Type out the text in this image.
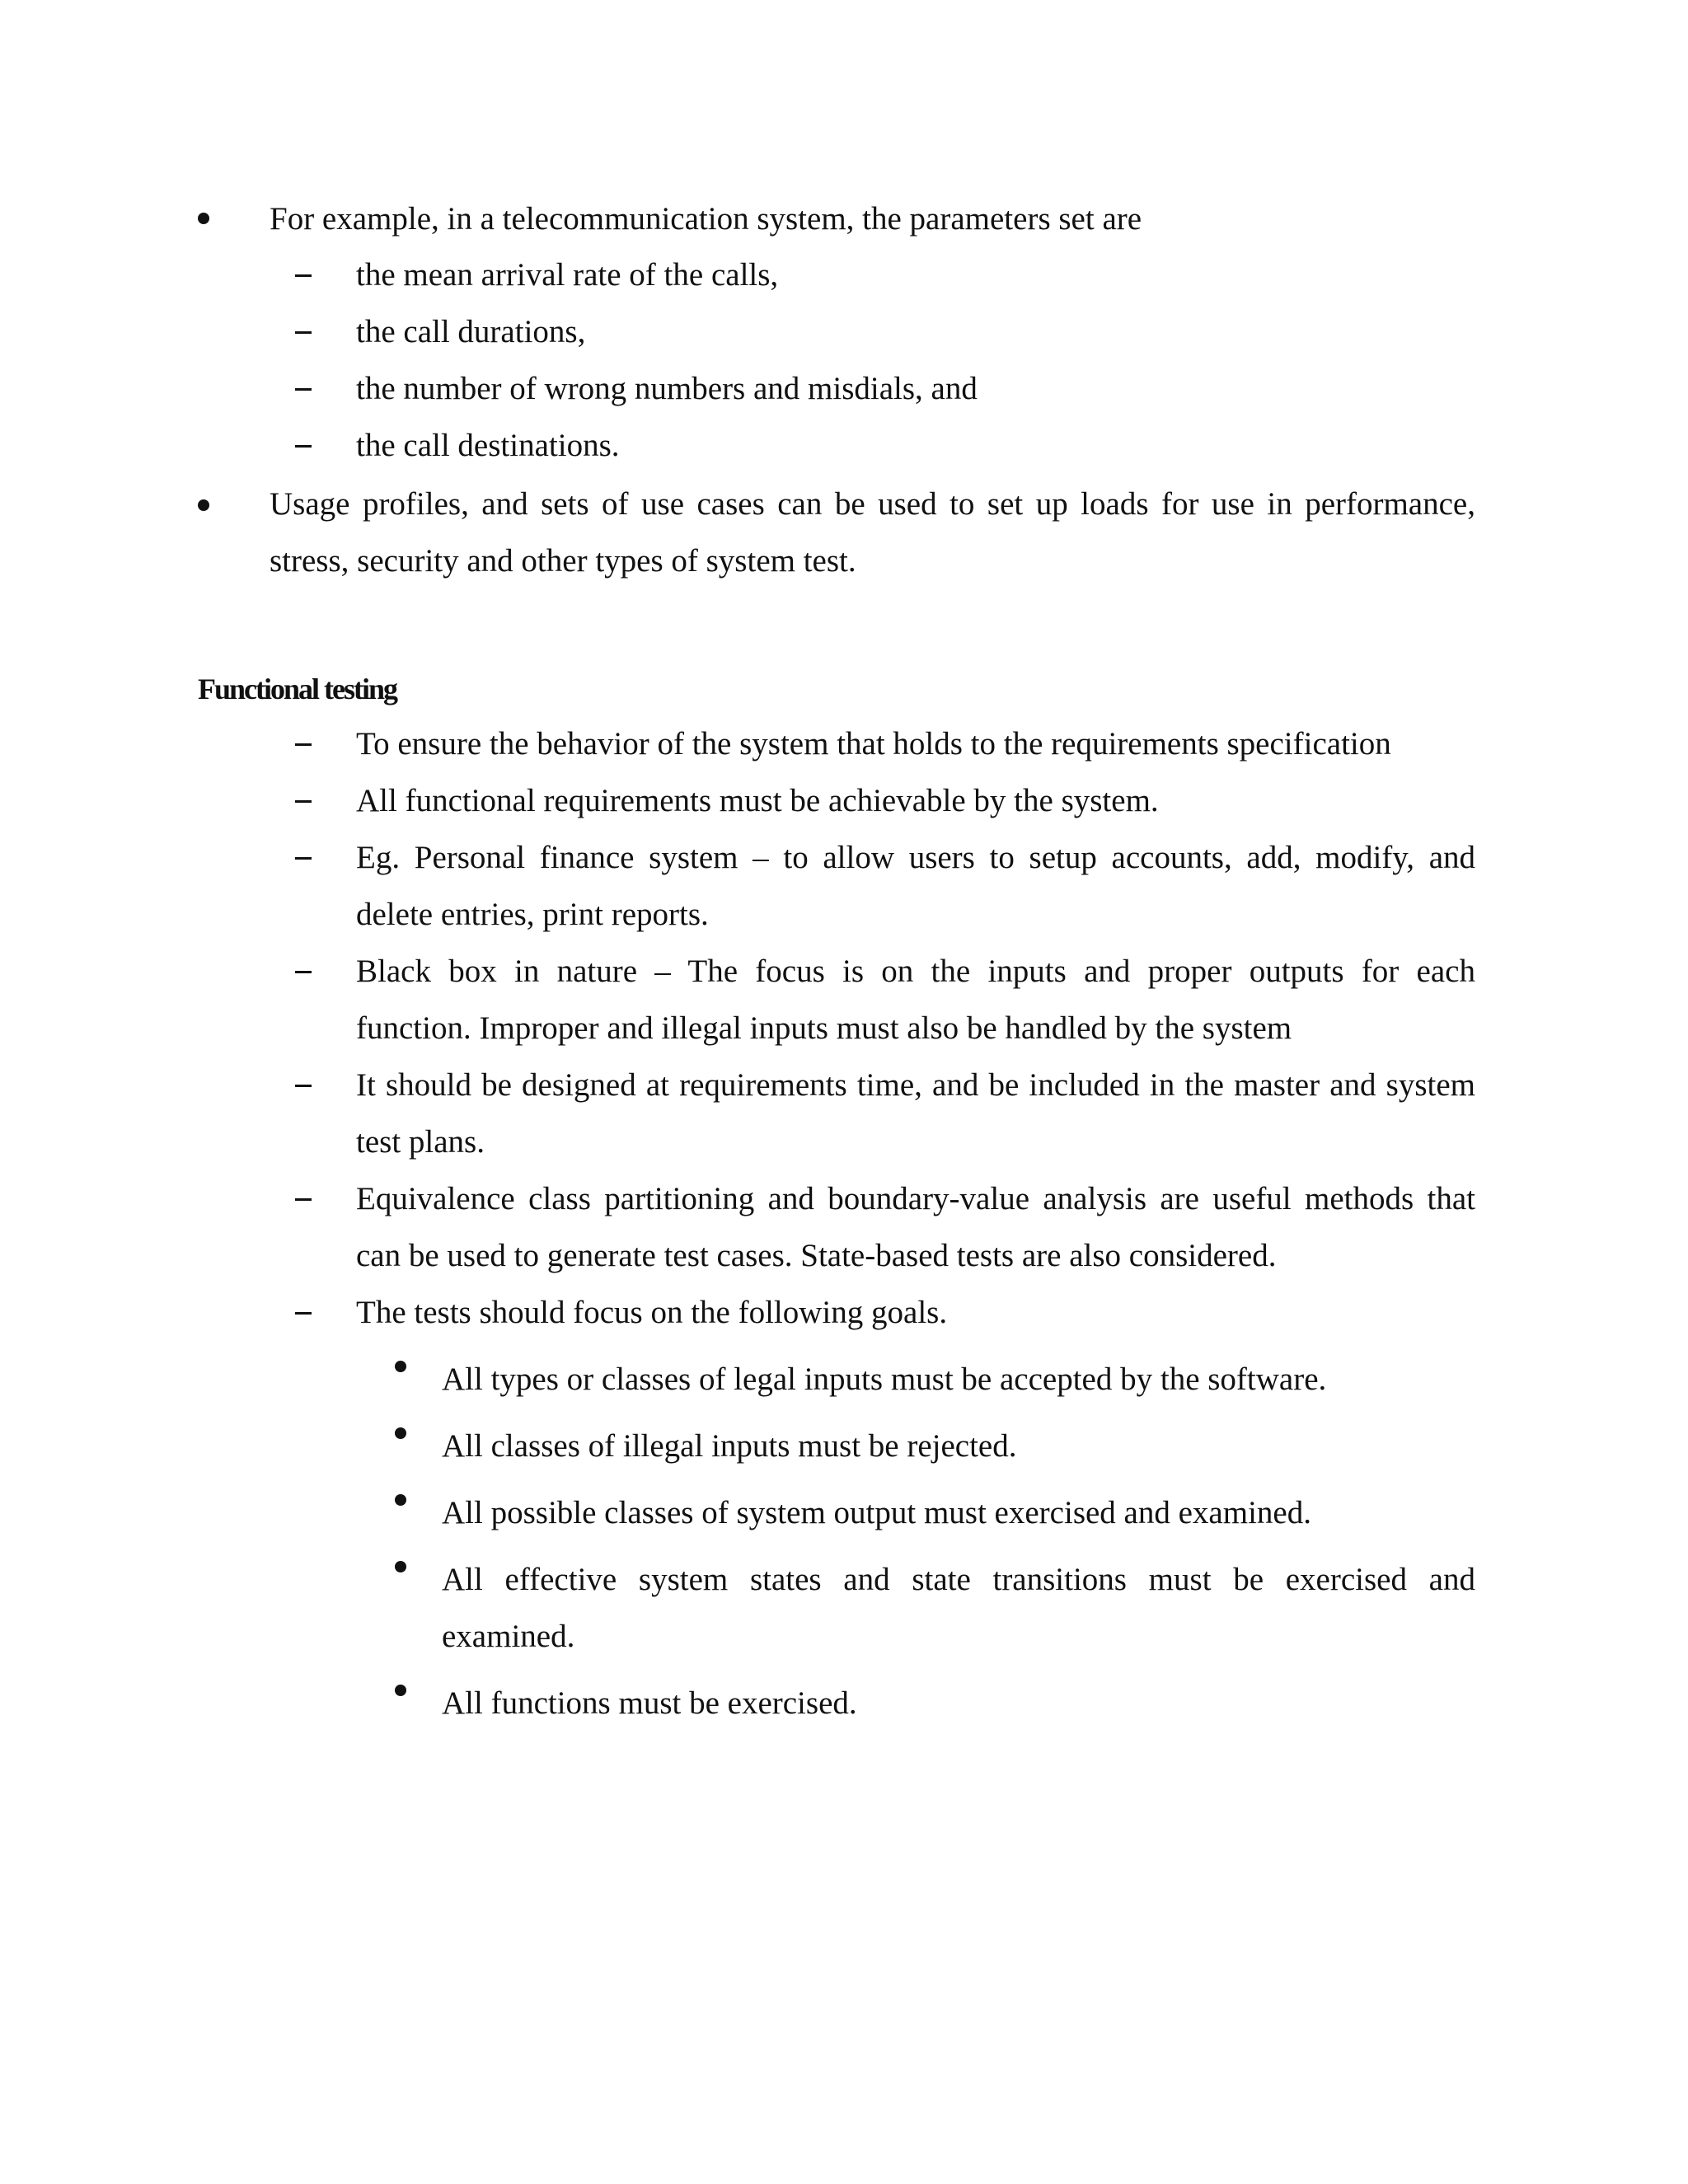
For example, in a telecommunication system, the parameters set are
the mean arrival rate of the calls,
the call durations,
the number of wrong numbers and misdials, and
the call destinations.
Usage profiles, and sets of use cases can be used to set up loads for use in performance,
stress, security and other types of system test.
Functional testing
To ensure the behavior of the system that holds to the requirements specification
All functional requirements must be achievable by the system.
Eg. Personal finance system – to allow users to setup accounts, add, modify, and
delete entries, print reports.
Black box in nature – The focus is on the inputs and proper outputs for each
function. Improper and illegal inputs must also be handled by the system
It should be designed at requirements time, and be included in the master and system
test plans.
Equivalence class partitioning and boundary-value analysis are useful methods that
can be used to generate test cases. State-based tests are also considered.
The tests should focus on the following goals.
All types or classes of legal inputs must be accepted by the software.
All classes of illegal inputs must be rejected.
All possible classes of system output must exercised and examined.
All effective system states and state transitions must be exercised and
examined.
All functions must be exercised.
